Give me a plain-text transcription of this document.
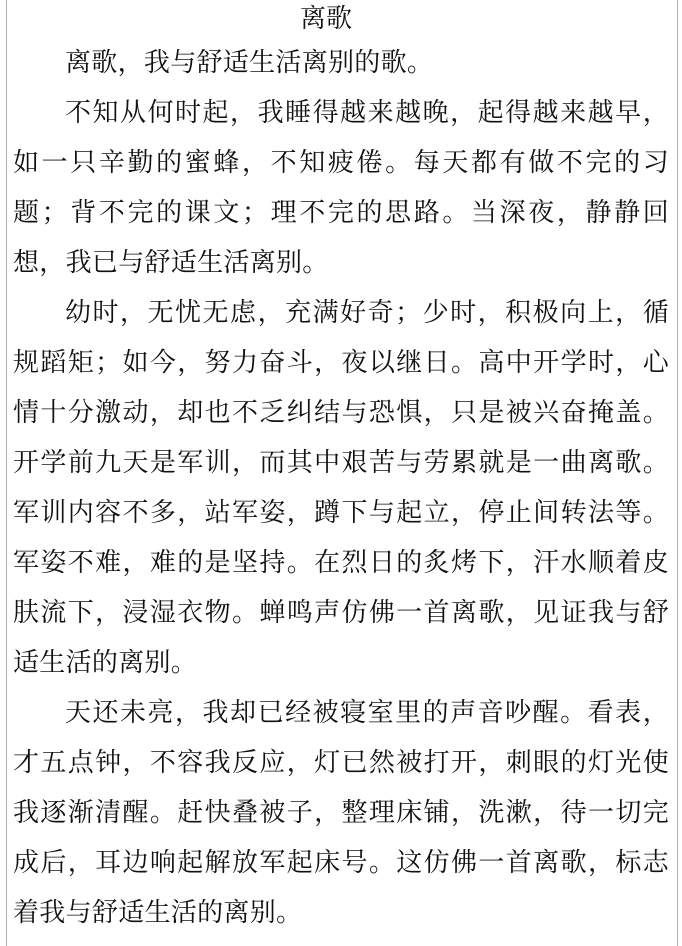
离歌

离歌，我与舒适生活离别的歌。

不知从何时起，我睡得越来越晚，起得越来越早，如一只辛勤的蜜蜂，不知疲倦。每天都有做不完的习题；背不完的课文；理不完的思路。当深夜，静静回想，我已与舒适生活离别。

幼时，无忧无虑，充满好奇；少时，积极向上，循规蹈矩；如今，努力奋斗，夜以继日。高中开学时，心情十分激动，却也不乏纠结与恐惧，只是被兴奋掩盖。开学前九天是军训，而其中艰苦与劳累就是一曲离歌。军训内容不多，站军姿，蹲下与起立，停止间转法等。军姿不难，难的是坚持。在烈日的炙烤下，汗水顺着皮肤流下，浸湿衣物。蝉鸣声仿佛一首离歌，见证我与舒适生活的离别。

天还未亮，我却已经被寝室里的声音吵醒。看表，才五点钟，不容我反应，灯已然被打开，刺眼的灯光使我逐渐清醒。赶快叠被子，整理床铺，洗漱，待一切完成后，耳边响起解放军起床号。这仿佛一首离歌，标志着我与舒适生活的离别。
